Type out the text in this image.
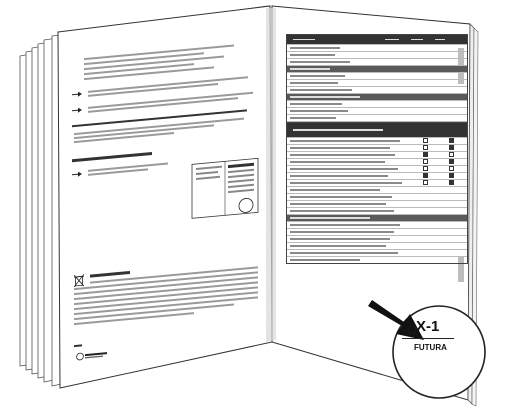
X-1
FUTURA
